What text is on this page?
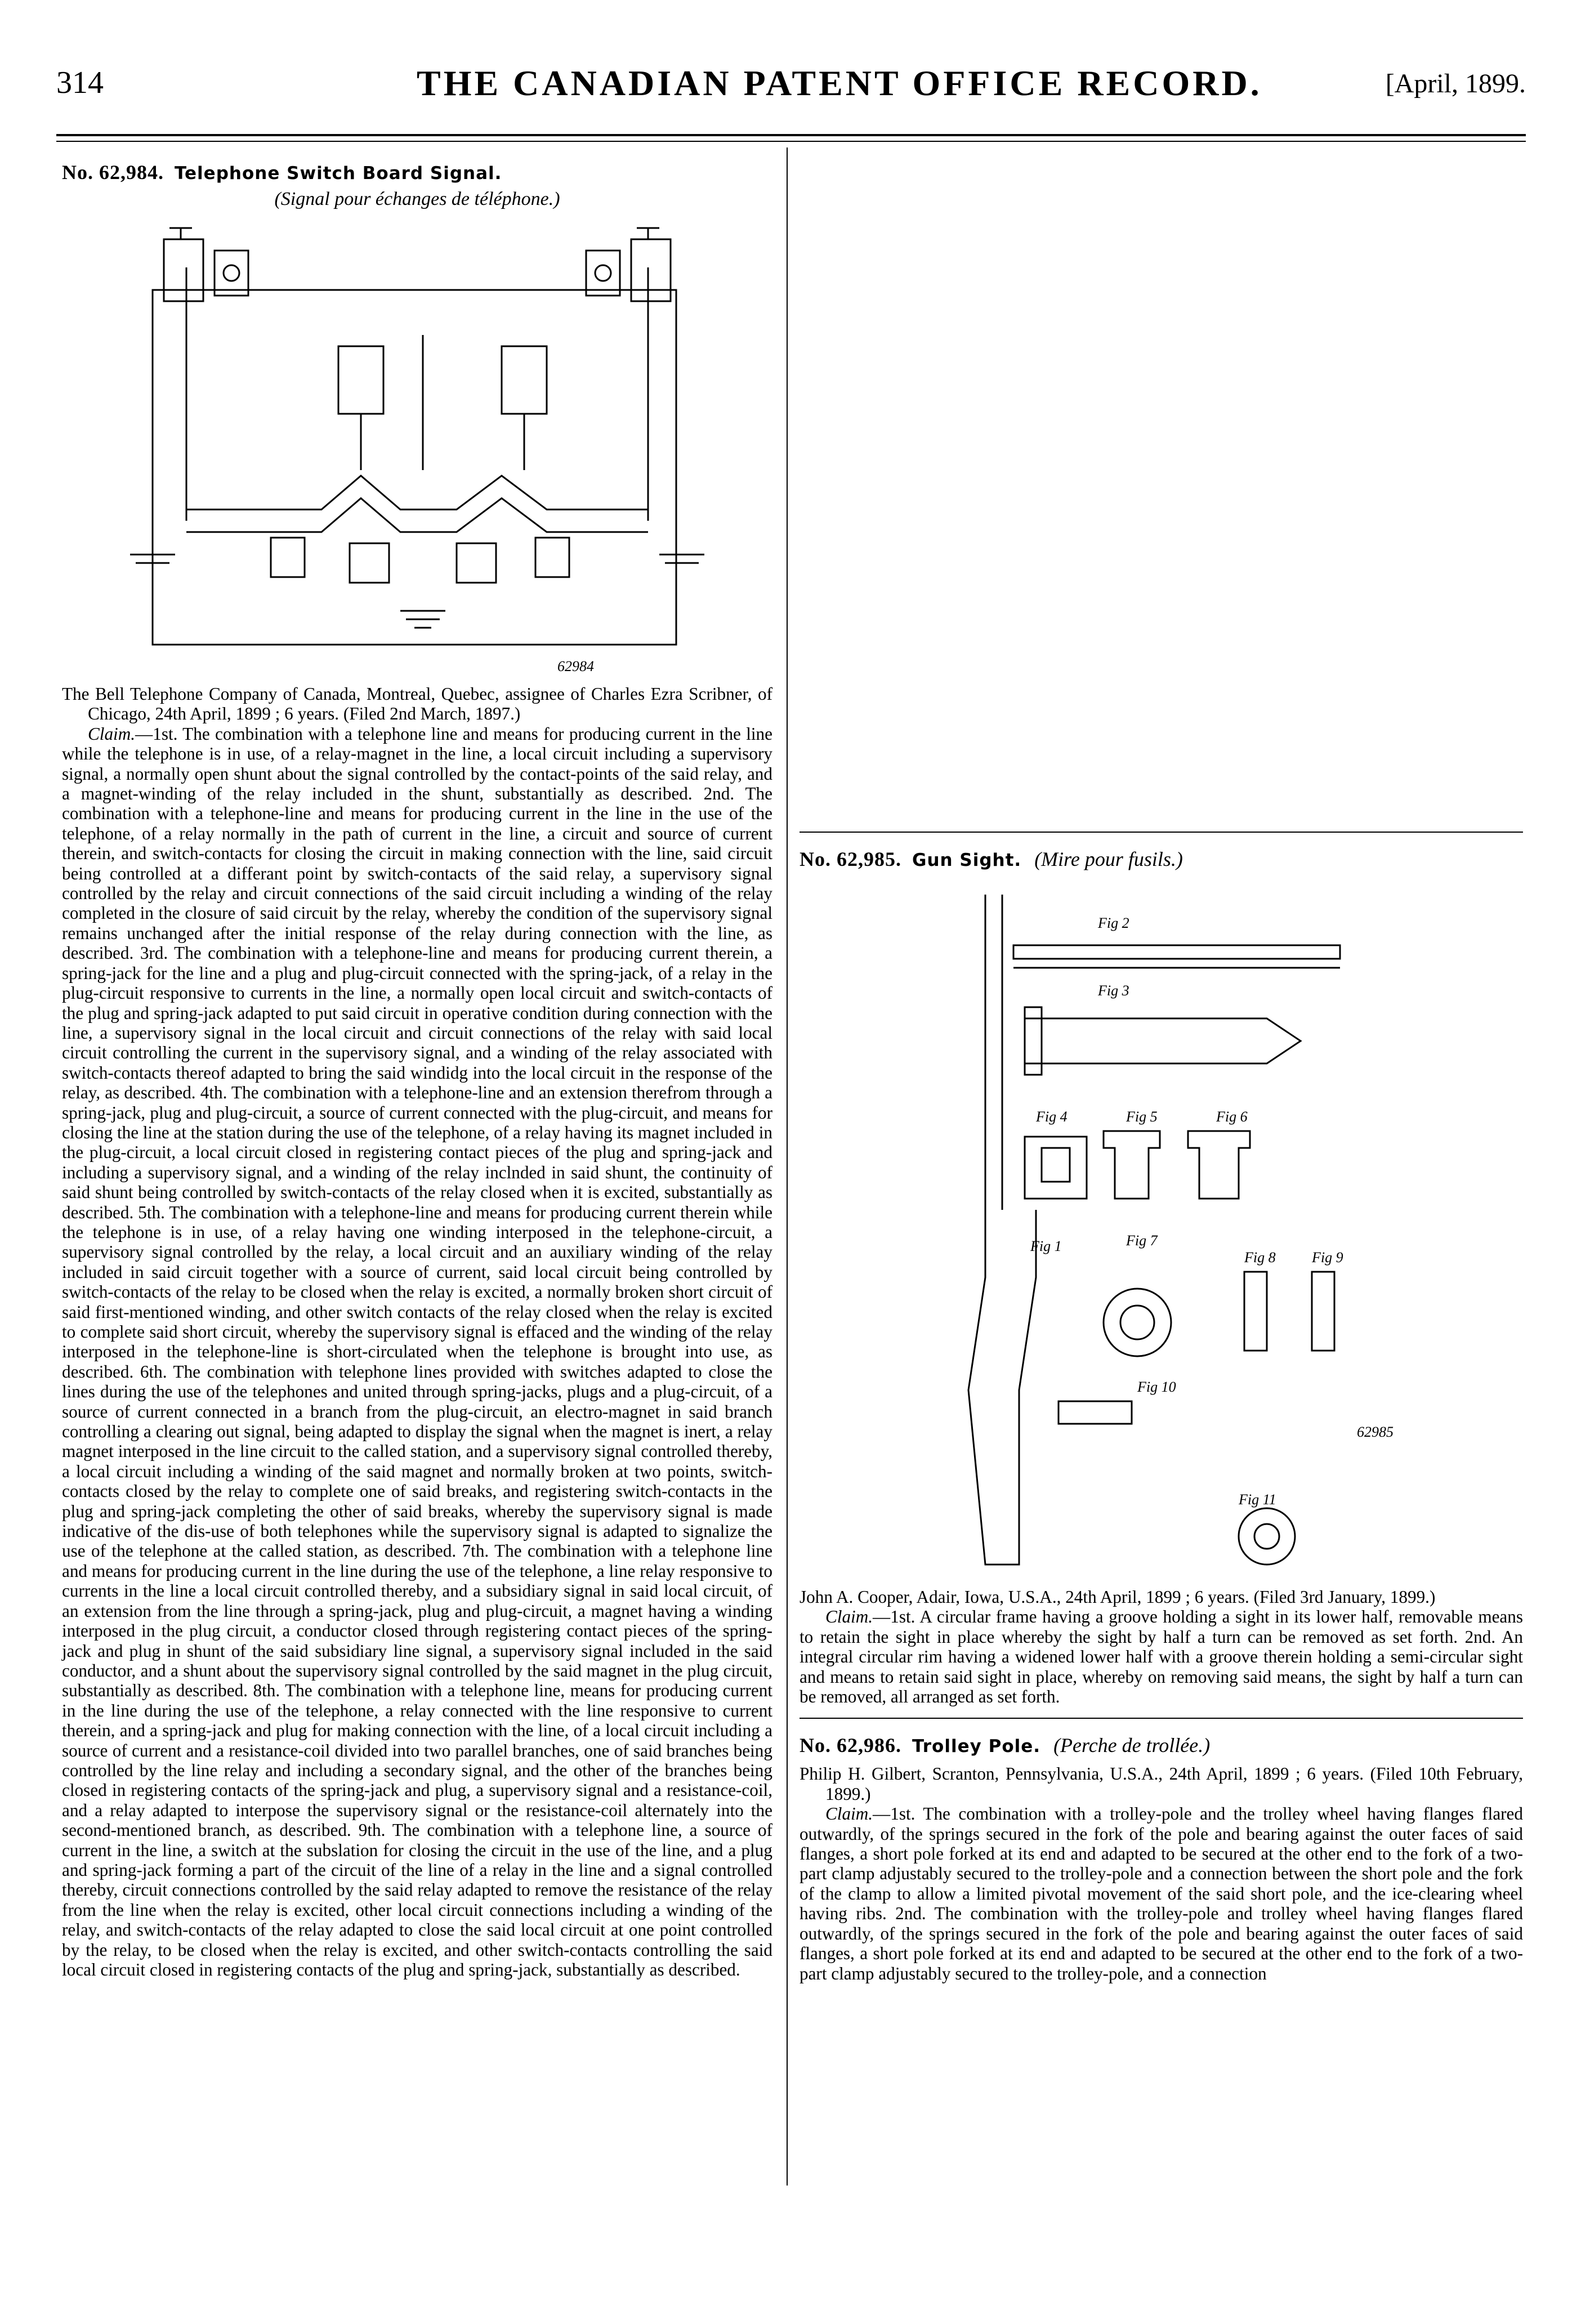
314	THE CANADIAN PATENT OFFICE RECORD.	[April, 1899.

No. 62,984. Telephone Switch Board Signal.
(Signal pour échanges de téléphone.)

62984

The Bell Telephone Company of Canada, Montreal, Quebec, assignee of Charles Ezra Scribner, of Chicago, 24th April, 1899 ; 6 years. (Filed 2nd March, 1897.)

Claim.—1st. The combination with a telephone line and means for producing current in the line while the telephone is in use, of a relay-magnet in the line, a local circuit including a supervisory signal, a normally open shunt about the signal controlled by the contact-points of the said relay, and a magnet-winding of the relay included in the shunt, substantially as described. 2nd. The combination with a telephone-line and means for producing current in the line in the use of the telephone, of a relay normally in the path of current in the line, a circuit and source of current therein, and switch-contacts for closing the circuit in making connection with the line, said circuit being controlled at a differant point by switch-contacts of the said relay, a supervisory signal controlled by the relay and circuit connections of the said circuit including a winding of the relay completed in the closure of said circuit by the relay, whereby the condition of the supervisory signal remains unchanged after the initial response of the relay during connection with the line, as described. 3rd. The combination with a telephone-line and means for producing current therein, a spring-jack for the line and a plug and plug-circuit connected with the spring-jack, of a relay in the plug-circuit responsive to currents in the line, a normally open local circuit and switch-contacts of the plug and spring-jack adapted to put said circuit in operative condition during connection with the line, a supervisory signal in the local circuit and circuit connections of the relay with said local circuit controlling the current in the supervisory signal, and a winding of the relay associated with switch-contacts thereof adapted to bring the said windidg into the local circuit in the response of the relay, as described. 4th. The combination with a telephone-line and an extension therefrom through a spring-jack, plug and plug-circuit, a source of current connected with the plug-circuit, and means for closing the line at the station during the use of the telephone, of a relay having its magnet included in the plug-circuit, a local circuit closed in registering contact pieces of the plug and spring-jack and including a supervisory signal, and a winding of the relay inclnded in said shunt, the continuity of said shunt being controlled by switch-contacts of the relay closed when it is excited, substantially as described. 5th. The combination with a telephone-line and means for producing current therein while the telephone is in use, of a relay having one winding interposed in the telephone-circuit, a supervisory signal controlled by the relay, a local circuit and an auxiliary winding of the relay included in said circuit together with a source of current, said local circuit being controlled by switch-contacts of the relay to be closed when the relay is excited, a normally broken short circuit of said first-mentioned winding, and other switch contacts of the relay closed when the relay is excited to complete said short circuit, whereby the supervisory signal is effaced and the winding of the relay interposed in the telephone-line is short-circulated when the telephone is brought into use, as described. 6th. The combination with telephone lines provided with switches adapted to close the lines during the use of the telephones and united through spring-jacks, plugs and a plug-circuit, of a source of current connected in a branch from the plug-circuit, an electro-magnet in said branch controlling a clearing out signal, being adapted to display the signal when the magnet is inert, a relay magnet interposed in the line circuit to the called station, and a supervisory signal controlled thereby, a local circuit including a winding of the said magnet and normally broken at two points, switch-contacts closed by the relay to complete one of said breaks, and registering switch-contacts in the plug and spring-jack completing the other of said breaks, whereby the supervisory signal is made indicative of the dis-use of both telephones while the supervisory signal is adapted to signalize the use of the telephone at the called station, as described. 7th. The combination with a telephone line and means for producing current in the line during the use of the telephone, a line relay responsive to currents in the line a local circuit controlled thereby, and a subsidiary signal in said local circuit, of an extension from the line through a spring-jack, plug and plug-circuit, a magnet having a winding interposed in the plug circuit, a conductor closed through registering contact pieces of the spring-jack and plug in shunt of the said subsidiary line signal, a supervisory signal included in the said conductor, and a shunt about the supervisory signal controlled by the said magnet in the plug circuit, substantially as described. 8th. The combination with a telephone line, means for producing current in the line during the use of the telephone, a relay connected with the line responsive to current therein, and a spring-jack and plug for making connection with the line, of a local circuit including a source of current and a resistance-coil divided into two parallel branches, one of said branches being controlled by the line relay and including a secondary signal, and the other of the branches being closed in registering contacts of the spring-jack and plug, a supervisory signal and a resistance-coil, and a relay adapted to interpose the supervisory signal or the resistance-coil alternately into the second-mentioned branch, as described. 9th. The combination with a telephone line, a source of current in the line, a switch at the subslation for closing the circuit in the use of the line, and a plug and spring-jack forming a part of the circuit of the line of a relay in the line and a signal controlled thereby, circuit connections controlled by the said relay adapted to remove the resistance of the relay from the line when the relay is excited, other local circuit connections including a winding of the relay, and switch-contacts of the relay adapted to close the said local circuit at one point controlled by the relay, to be closed when the relay is excited, and other switch-contacts controlling the said local circuit closed in registering contacts of the plug and spring-jack, substantially as described.

No. 62,985. Gun Sight. (Mire pour fusils.)

Fig 2
Fig 3
Fig 4	Fig 5	Fig 6
Fig 1	Fig 7
Fig 8 Fig 9
Fig 10
Fig 11
62985

John A. Cooper, Adair, Iowa, U.S.A., 24th April, 1899 ; 6 years. (Filed 3rd January, 1899.)

Claim.—1st. A circular frame having a groove holding a sight in its lower half, removable means to retain the sight in place whereby the sight by half a turn can be removed as set forth. 2nd. An integral circular rim having a widened lower half with a groove therein holding a semi-circular sight and means to retain said sight in place, whereby on removing said means, the sight by half a turn can be removed, all arranged as set forth.

No. 62,986. Trolley Pole. (Perche de trollée.)

Philip H. Gilbert, Scranton, Pennsylvania, U.S.A., 24th April, 1899 ; 6 years. (Filed 10th February, 1899.)

Claim.—1st. The combination with a trolley-pole and the trolley wheel having flanges flared outwardly, of the springs secured in the fork of the pole and bearing against the outer faces of said flanges, a short pole forked at its end and adapted to be secured at the other end to the fork of a two-part clamp adjustably secured to the trolley-pole and a connection between the short pole and the fork of the clamp to allow a limited pivotal movement of the said short pole, and the ice-clearing wheel having ribs. 2nd. The combination with the trolley-pole and trolley wheel having flanges flared outwardly, of the springs secured in the fork of the pole and bearing against the outer faces of said flanges, a short pole forked at its end and adapted to be secured at the other end to the fork of a two-part clamp adjustably secured to the trolley-pole, and a connection
